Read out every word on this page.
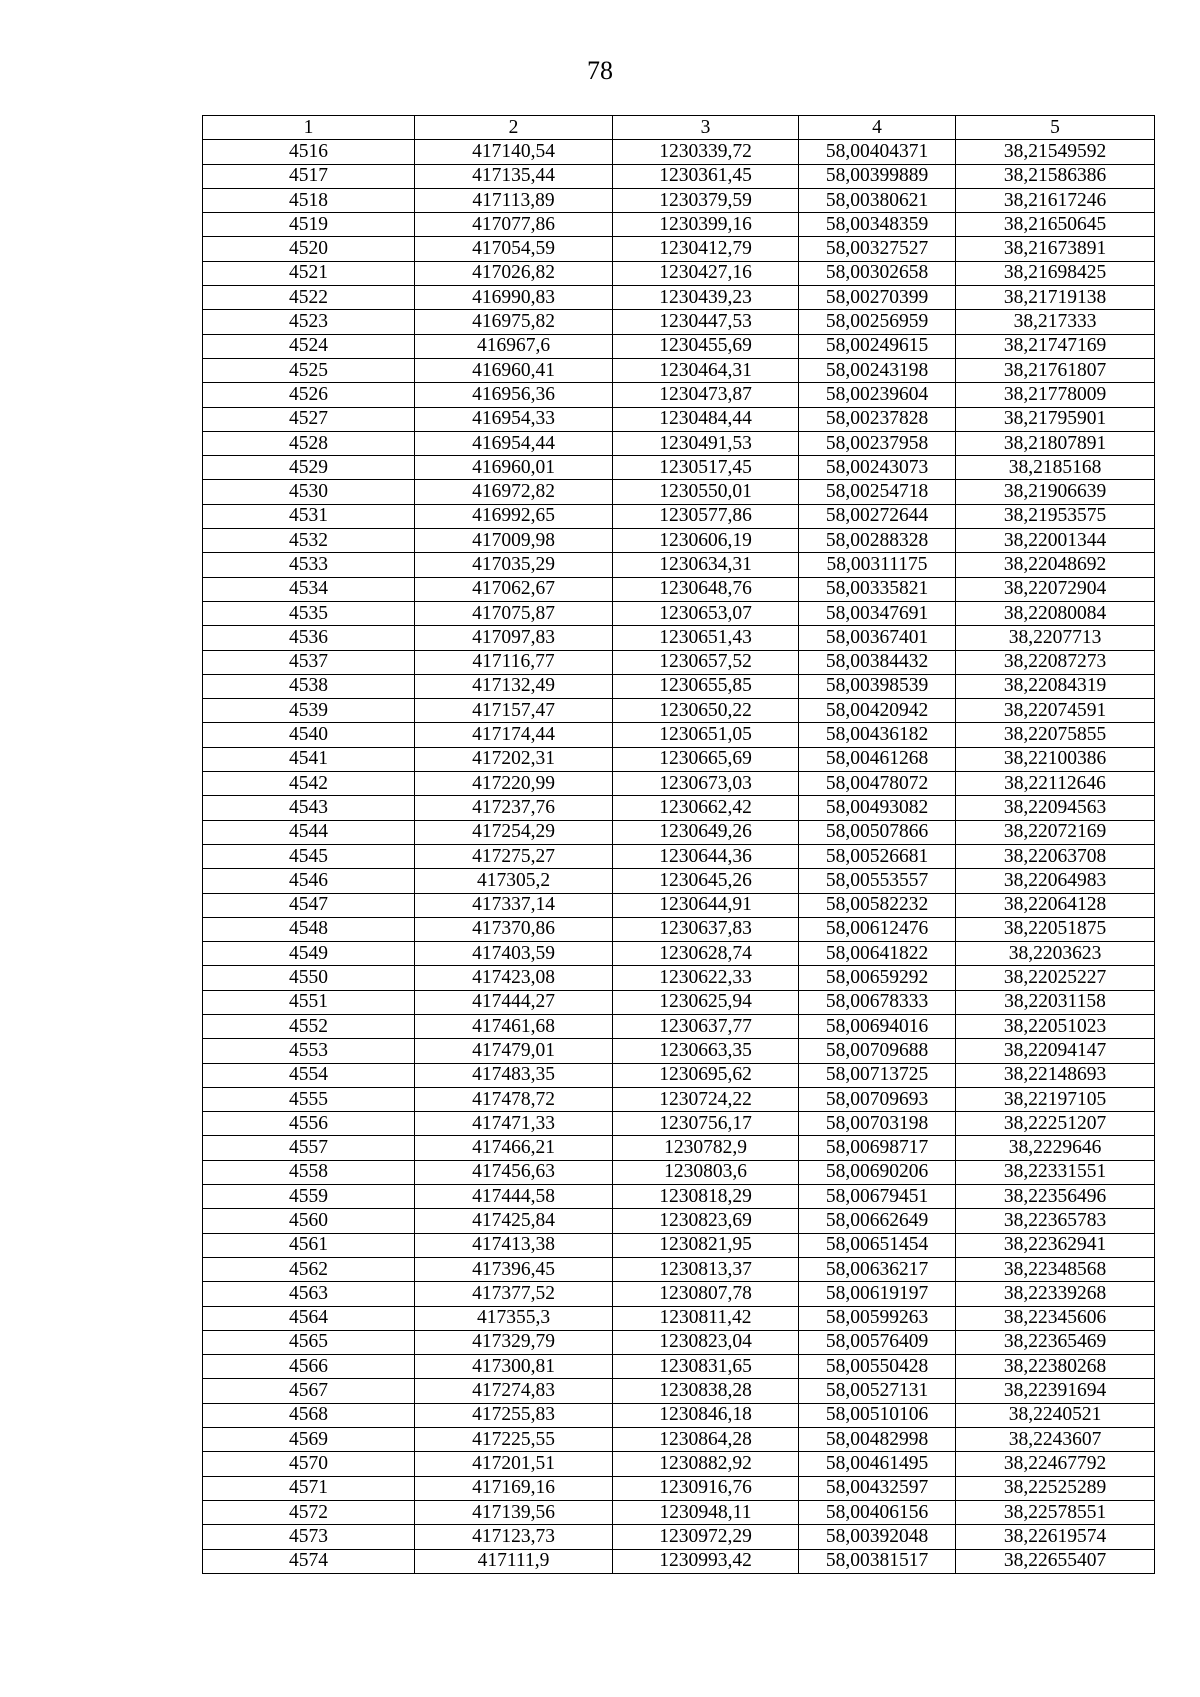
78
1	2	3	4	5
4516	417140,54	1230339,72	58,00404371	38,21549592
4517	417135,44	1230361,45	58,00399889	38,21586386
4518	417113,89	1230379,59	58,00380621	38,21617246
4519	417077,86	1230399,16	58,00348359	38,21650645
4520	417054,59	1230412,79	58,00327527	38,21673891
4521	417026,82	1230427,16	58,00302658	38,21698425
4522	416990,83	1230439,23	58,00270399	38,21719138
4523	416975,82	1230447,53	58,00256959	38,217333
4524	416967,6	1230455,69	58,00249615	38,21747169
4525	416960,41	1230464,31	58,00243198	38,21761807
4526	416956,36	1230473,87	58,00239604	38,21778009
4527	416954,33	1230484,44	58,00237828	38,21795901
4528	416954,44	1230491,53	58,00237958	38,21807891
4529	416960,01	1230517,45	58,00243073	38,2185168
4530	416972,82	1230550,01	58,00254718	38,21906639
4531	416992,65	1230577,86	58,00272644	38,21953575
4532	417009,98	1230606,19	58,00288328	38,22001344
4533	417035,29	1230634,31	58,00311175	38,22048692
4534	417062,67	1230648,76	58,00335821	38,22072904
4535	417075,87	1230653,07	58,00347691	38,22080084
4536	417097,83	1230651,43	58,00367401	38,2207713
4537	417116,77	1230657,52	58,00384432	38,22087273
4538	417132,49	1230655,85	58,00398539	38,22084319
4539	417157,47	1230650,22	58,00420942	38,22074591
4540	417174,44	1230651,05	58,00436182	38,22075855
4541	417202,31	1230665,69	58,00461268	38,22100386
4542	417220,99	1230673,03	58,00478072	38,22112646
4543	417237,76	1230662,42	58,00493082	38,22094563
4544	417254,29	1230649,26	58,00507866	38,22072169
4545	417275,27	1230644,36	58,00526681	38,22063708
4546	417305,2	1230645,26	58,00553557	38,22064983
4547	417337,14	1230644,91	58,00582232	38,22064128
4548	417370,86	1230637,83	58,00612476	38,22051875
4549	417403,59	1230628,74	58,00641822	38,2203623
4550	417423,08	1230622,33	58,00659292	38,22025227
4551	417444,27	1230625,94	58,00678333	38,22031158
4552	417461,68	1230637,77	58,00694016	38,22051023
4553	417479,01	1230663,35	58,00709688	38,22094147
4554	417483,35	1230695,62	58,00713725	38,22148693
4555	417478,72	1230724,22	58,00709693	38,22197105
4556	417471,33	1230756,17	58,00703198	38,22251207
4557	417466,21	1230782,9	58,00698717	38,2229646
4558	417456,63	1230803,6	58,00690206	38,22331551
4559	417444,58	1230818,29	58,00679451	38,22356496
4560	417425,84	1230823,69	58,00662649	38,22365783
4561	417413,38	1230821,95	58,00651454	38,22362941
4562	417396,45	1230813,37	58,00636217	38,22348568
4563	417377,52	1230807,78	58,00619197	38,22339268
4564	417355,3	1230811,42	58,00599263	38,22345606
4565	417329,79	1230823,04	58,00576409	38,22365469
4566	417300,81	1230831,65	58,00550428	38,22380268
4567	417274,83	1230838,28	58,00527131	38,22391694
4568	417255,83	1230846,18	58,00510106	38,2240521
4569	417225,55	1230864,28	58,00482998	38,2243607
4570	417201,51	1230882,92	58,00461495	38,22467792
4571	417169,16	1230916,76	58,00432597	38,22525289
4572	417139,56	1230948,11	58,00406156	38,22578551
4573	417123,73	1230972,29	58,00392048	38,22619574
4574	417111,9	1230993,42	58,00381517	38,22655407
